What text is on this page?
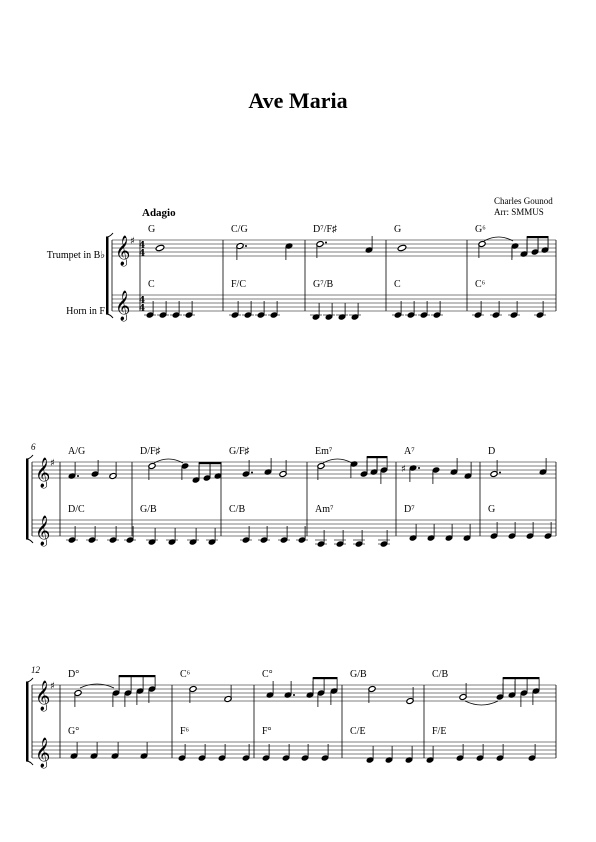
Ave Maria
Charles Gounod
Arr: SMMUS
Adagio
Trumpet in B♭
Horn in F
𝄞
𝄞
♯ 4
4
4
4
G
C
C/G
F/C
D⁷/F♯
G⁷/B
G
C
G⁶
C⁶
𝄞
𝄞
♯
6	A/G
D/C
D/F♯
G/B
G/F♯
C/B
Em⁷
Am⁷
A⁷
D⁷
D
G
𝄞
𝄞
♯
12	D°
G°
C⁶
F⁶
C°
F°
G/B
C/E
C/B
F/E
♯
